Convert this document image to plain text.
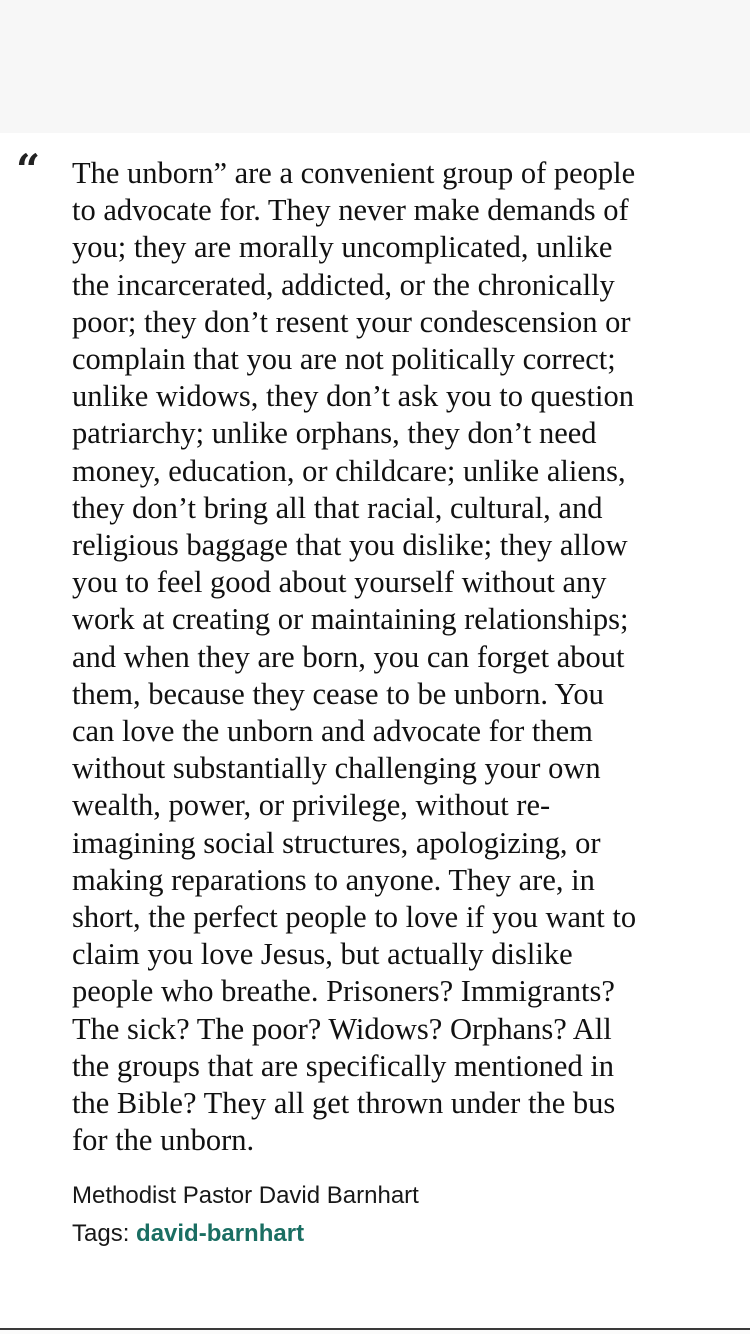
“ The unborn” are a convenient group of people
to advocate for. They never make demands of
you; they are morally uncomplicated, unlike
the incarcerated, addicted, or the chronically
poor; they don’t resent your condescension or
complain that you are not politically correct;
unlike widows, they don’t ask you to question
patriarchy; unlike orphans, they don’t need
money, education, or childcare; unlike aliens,
they don’t bring all that racial, cultural, and
religious baggage that you dislike; they allow
you to feel good about yourself without any
work at creating or maintaining relationships;
and when they are born, you can forget about
them, because they cease to be unborn. You
can love the unborn and advocate for them
without substantially challenging your own
wealth, power, or privilege, without re-
imagining social structures, apologizing, or
making reparations to anyone. They are, in
short, the perfect people to love if you want to
claim you love Jesus, but actually dislike
people who breathe. Prisoners? Immigrants?
The sick? The poor? Widows? Orphans? All
the groups that are specifically mentioned in
the Bible? They all get thrown under the bus
for the unborn.

Methodist Pastor David Barnhart
Tags: david-barnhart
